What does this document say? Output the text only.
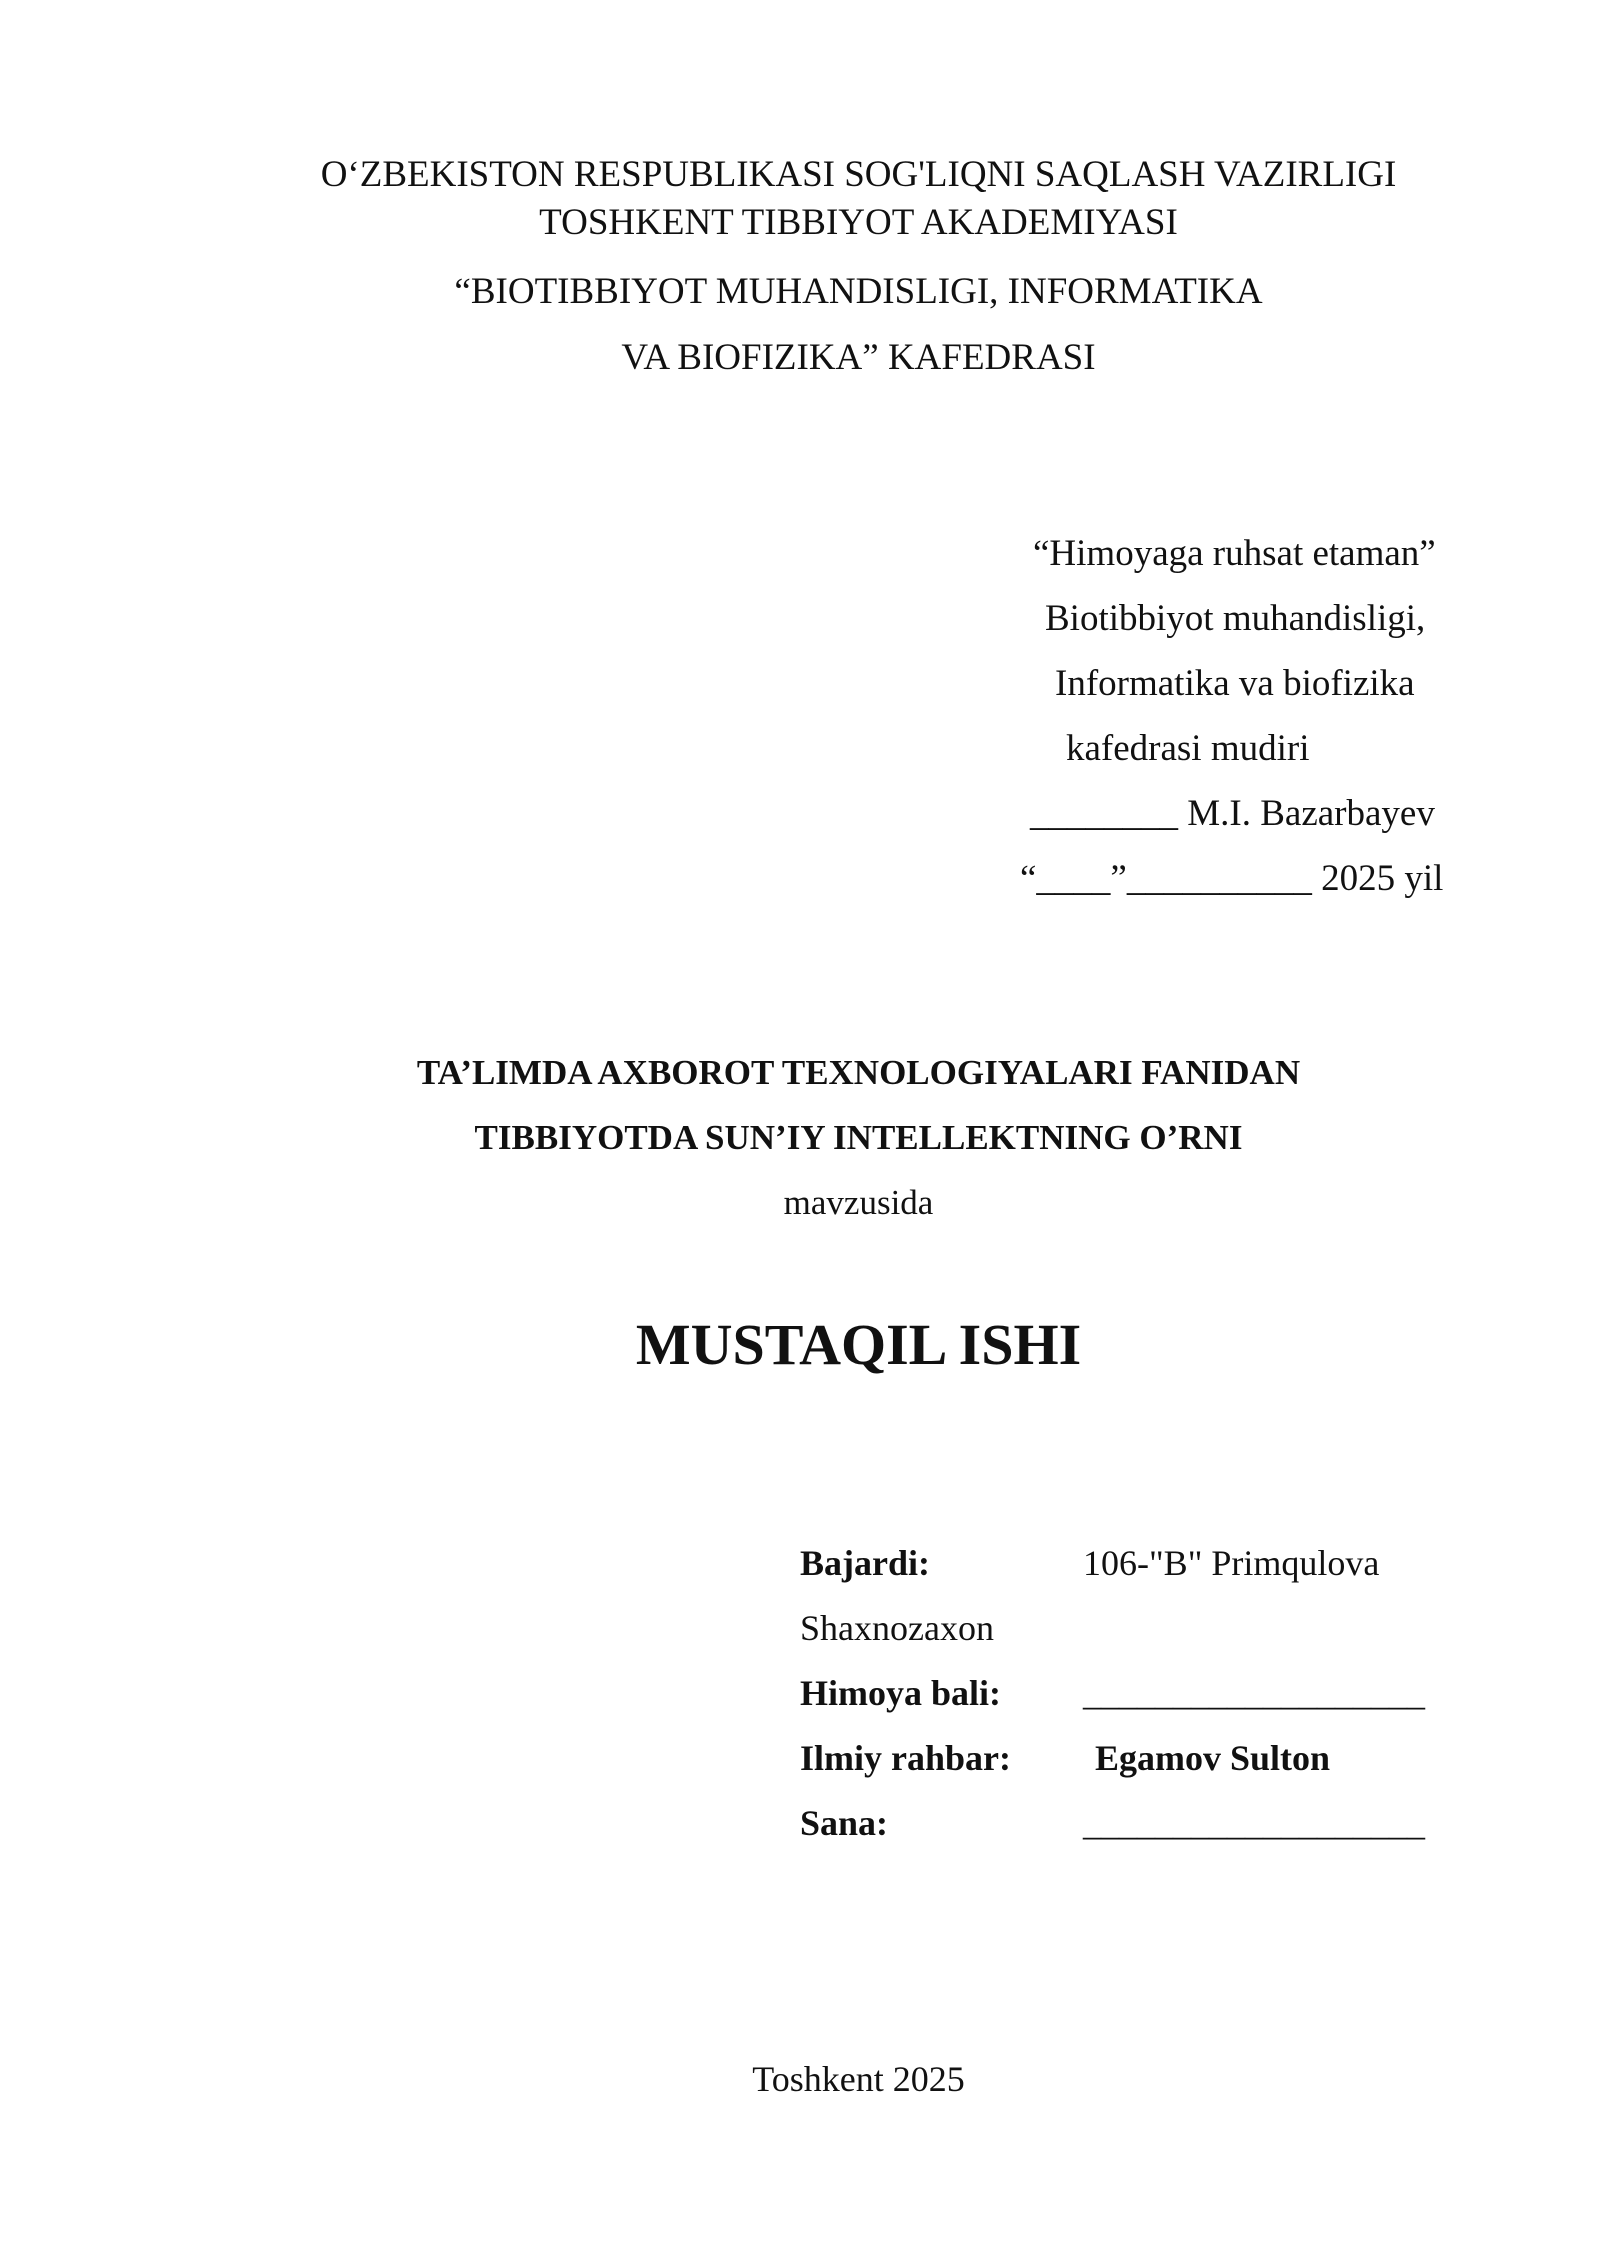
O‘ZBEKISTON RESPUBLIKASI SOG'LIQNI SAQLASH VAZIRLIGI
TOSHKENT TIBBIYOT AKADEMIYASI
“BIOTIBBIYOT MUHANDISLIGI, INFORMATIKA
VA BIOFIZIKA” KAFEDRASI
“Himoyaga ruhsat etaman”
Biotibbiyot muhandisligi,
Informatika va biofizika
kafedrasi mudiri
________ M.I. Bazarbayev
“____”__________ 2025 yil
TA’LIMDA AXBOROT TEXNOLOGIYALARI FANIDAN
TIBBIYOTDA SUN’IY INTELLEKTNING O’RNI
mavzusida
MUSTAQIL ISHI
Bajardi:	106-"B" Primqulova
Shaxnozaxon
Himoya bali: ___________________
Ilmiy rahbar: Egamov Sulton
Sana:	___________________
Toshkent 2025
